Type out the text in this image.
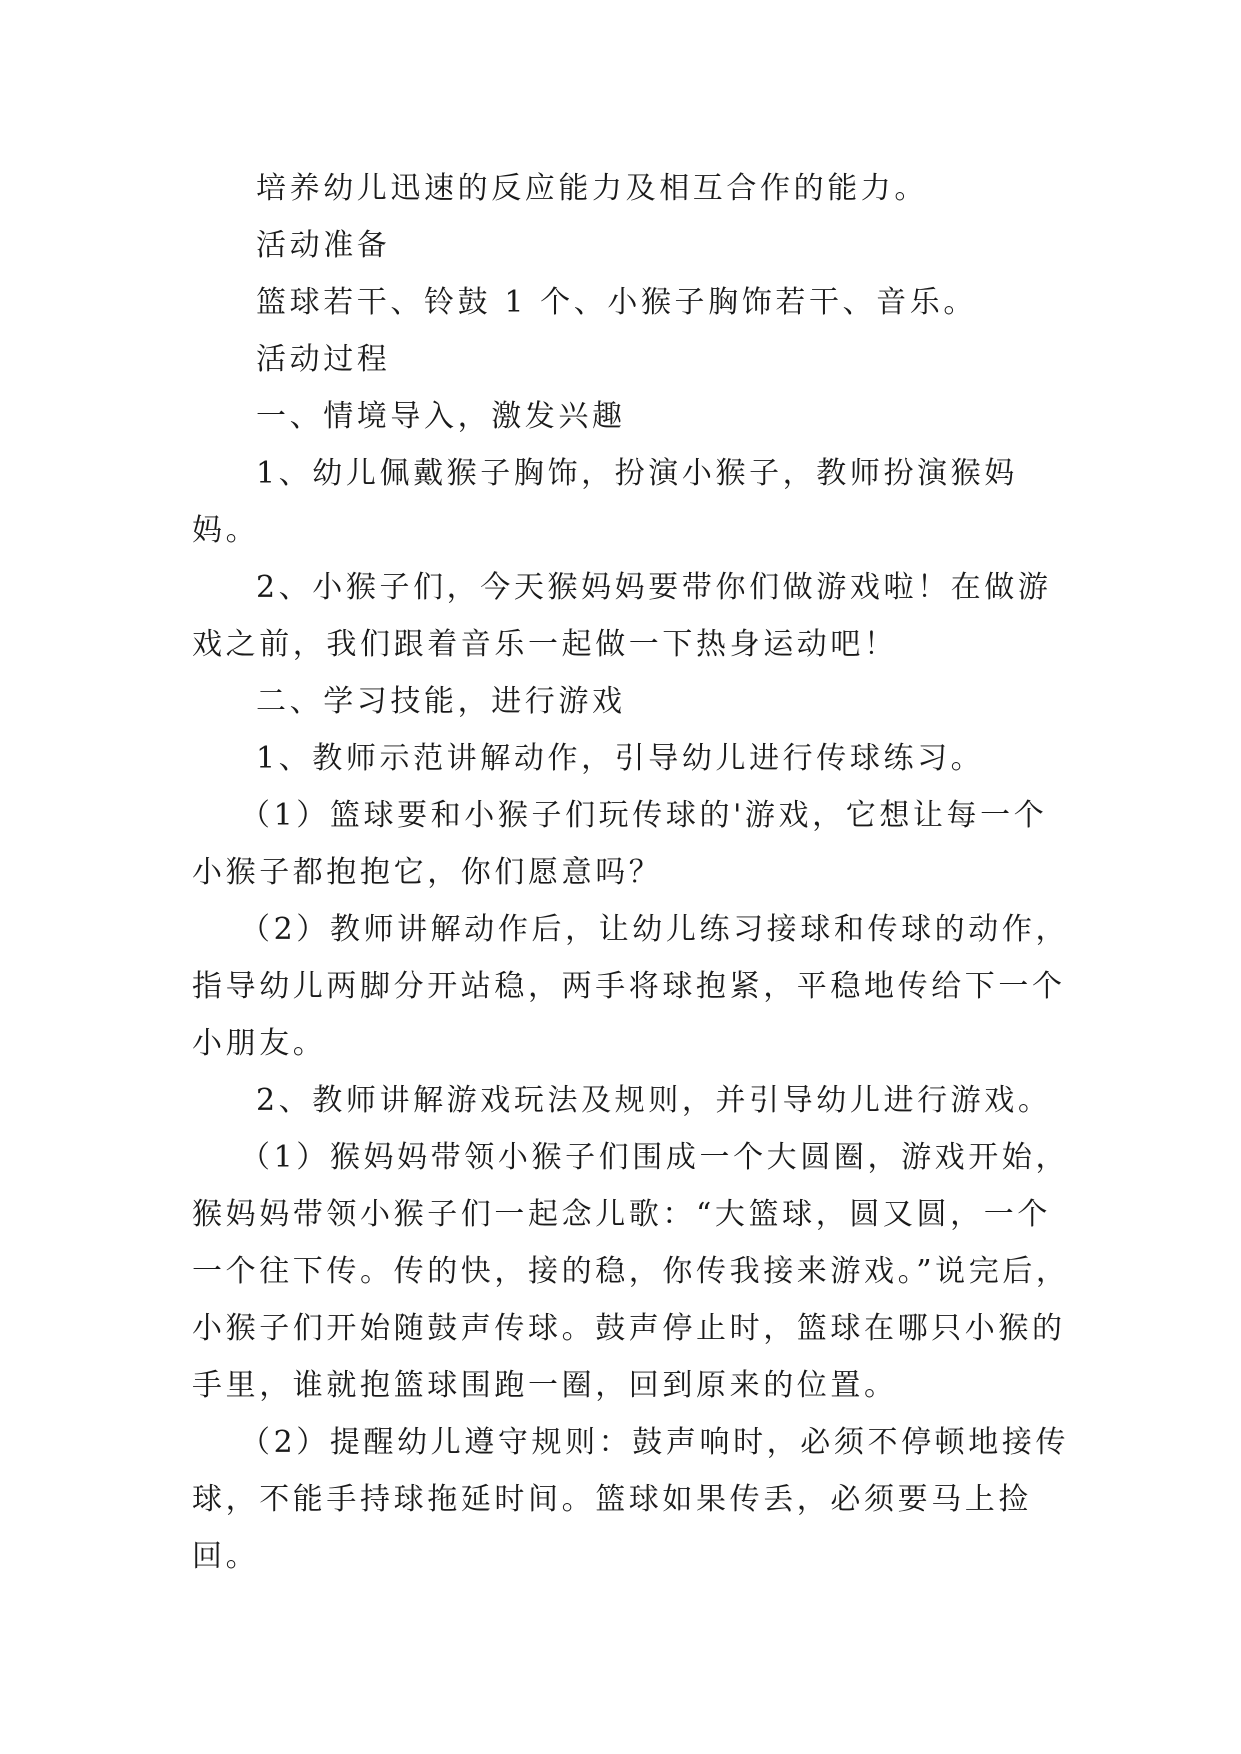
培养幼儿迅速的反应能力及相互合作的能力。

活动准备

篮球若干、铃鼓 1 个、小猴子胸饰若干、音乐。

活动过程

一、情境导入，激发兴趣

1、幼儿佩戴猴子胸饰，扮演小猴子，教师扮演猴妈妈。

2、小猴子们，今天猴妈妈要带你们做游戏啦！在做游戏之前，我们跟着音乐一起做一下热身运动吧！

二、学习技能，进行游戏

1、教师示范讲解动作，引导幼儿进行传球练习。

（1）篮球要和小猴子们玩传球的'游戏，它想让每一个小猴子都抱抱它，你们愿意吗？

（2）教师讲解动作后，让幼儿练习接球和传球的动作，指导幼儿两脚分开站稳，两手将球抱紧，平稳地传给下一个小朋友。

2、教师讲解游戏玩法及规则，并引导幼儿进行游戏。

（1）猴妈妈带领小猴子们围成一个大圆圈，游戏开始，猴妈妈带领小猴子们一起念儿歌：“大篮球，圆又圆，一个一个往下传。传的快，接的稳，你传我接来游戏。”说完后，小猴子们开始随鼓声传球。鼓声停止时，篮球在哪只小猴的手里，谁就抱篮球围跑一圈，回到原来的位置。

（2）提醒幼儿遵守规则：鼓声响时，必须不停顿地接传球，不能手持球拖延时间。篮球如果传丢，必须要马上捡回。
